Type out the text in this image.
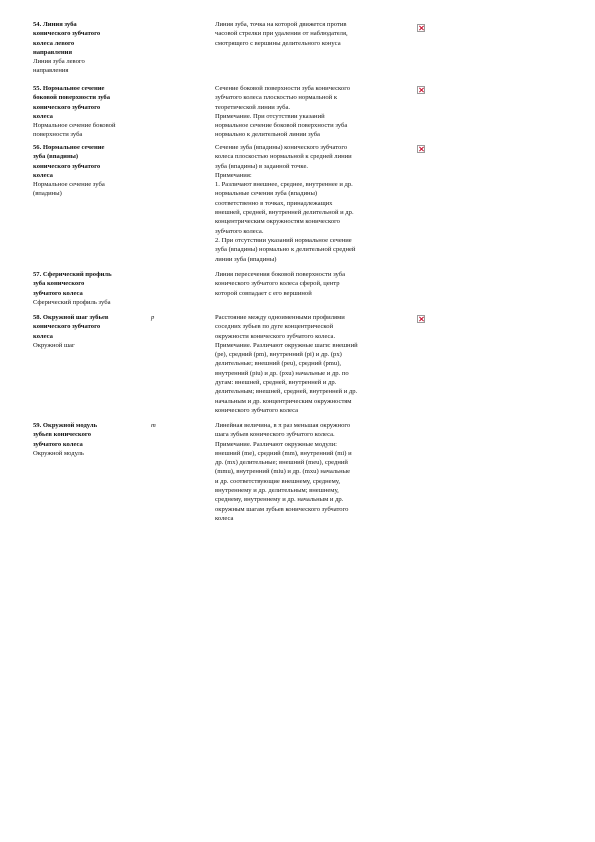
54. Линия зуба
конического зубчатого
колеса левого
направления
Линия зуба левого
направления
Линия зуба, точка на которой движется против
часовой стрелки при удалении от наблюдателя,
смотрящего с вершины делительного конуса
55. Нормальное сечение
боковой поверхности зуба
конического зубчатого
колеса
Нормальное сечение боковой
поверхности зуба
Сечение боковой поверхности зуба конического
зубчатого колеса плоскостью нормальной к
теоретической линии зуба.
Примечание. При отсутствии указаний
нормальное сечение боковой поверхности зуба
нормально к делительной линии зуба
56. Нормальное сечение
зуба (впадины)
конического зубчатого
колеса
Нормальное сечение зуба
(впадины)
Сечение зуба (впадины) конического зубчатого
колеса плоскостью нормальной к средней линии
зуба (впадины) в заданной точке.
Примечания:
1. Различают внешнее, среднее, внутреннее и др.
нормальные сечения зуба (впадины)
соответственно в точках, принадлежащих
внешней, средней, внутренней делительной и др.
концентрическим окружностям конического
зубчатого колеса.
2. При отсутствии указаний нормальное сечение
зуба (впадины) нормально к делительной средней
линии зуба (впадины)
57. Сферический профиль
зуба конического
зубчатого колеса
Сферический профиль зуба
Линия пересечения боковой поверхности зуба
конического зубчатого колеса сферой, центр
которой совпадает с его вершиной
58. Окружной шаг зубьев
конического зубчатого
колеса
Окружной шаг
p	Расстояние между одноименными профилями
соседних зубьев по дуге концентрической
окружности конического зубчатого колеса.
Примечание. Различают окружные шаги: внешний
(pe), средний (pm), внутренний (pi) и др. (px)
делительные; внешний (peu), средний (pmu),
внутренний (piu) и др. (pxu) начальные и др. по
дугам: внешней, средней, внутренней и др.
делительным; внешней, средней, внутренней и др.
начальным и др. концентрическим окружностям
конического зубчатого колеса
59. Окружной модуль
зубьев конического
зубчатого колеса
Окружной модуль
m	Линейная величина, в π раз меньшая окружного
шага зубьев конического зубчатого колеса.
Примечание. Различают окружные модули:
внешний (me), средний (mm), внутренний (mi) и
др. (mx) делительные; внешний (meu), средний
(mmu), внутренний (miu) и др. (mxu) начальные
и др. соответствующие внешнему, среднему,
внутреннему и др. делительным; внешнему,
среднему, внутреннему и др. начальным и др.
окружным шагам зубьев конического зубчатого
колеса
